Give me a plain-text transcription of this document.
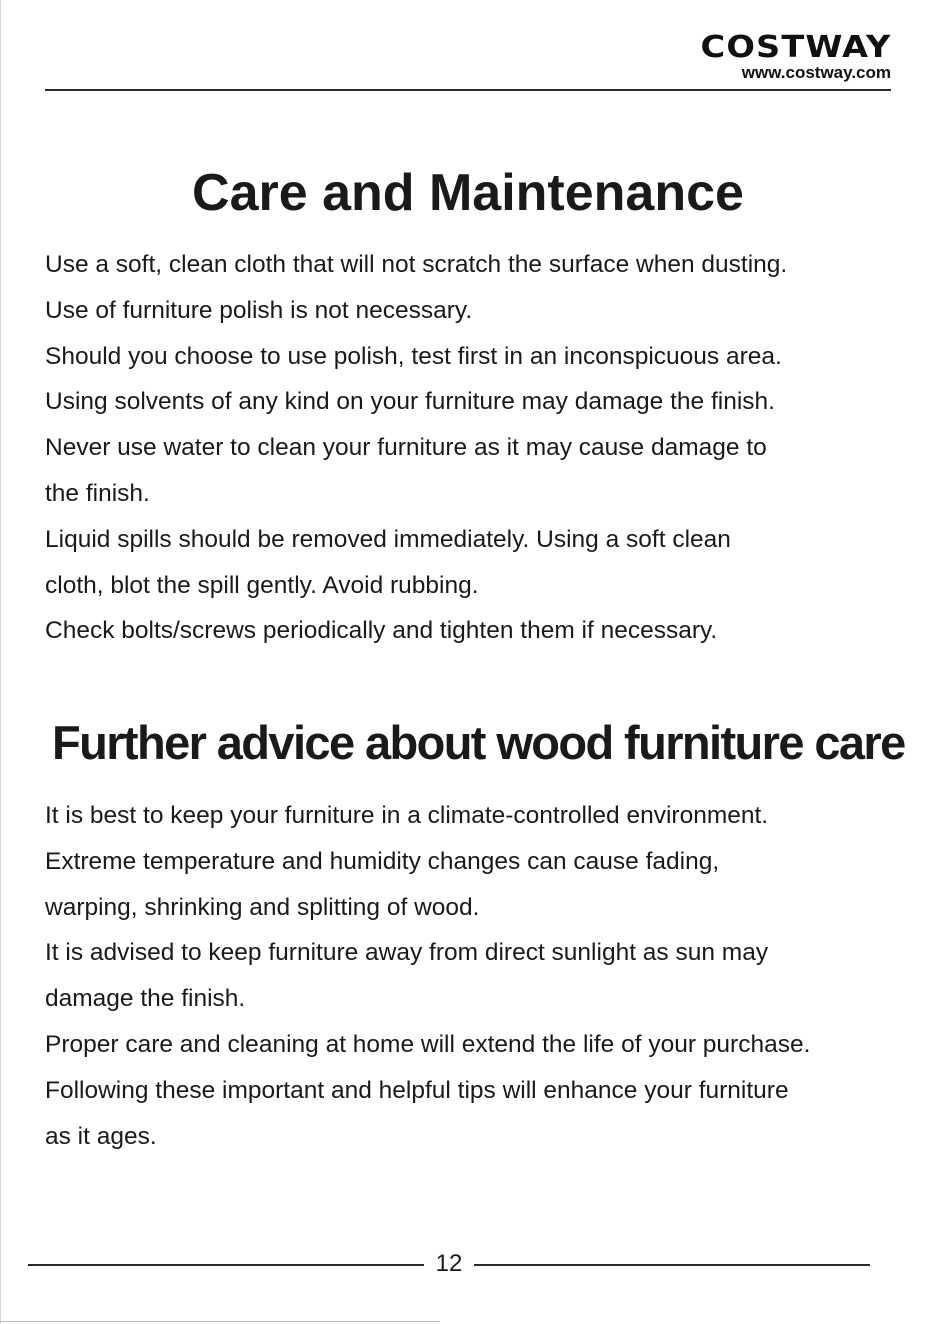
COSTWAY
www.costway.com
Care and Maintenance
Use a soft, clean cloth that will not scratch the surface when dusting.
Use of furniture polish is not necessary.
Should you choose to use polish, test first in an inconspicuous area.
Using solvents of any kind on your furniture may damage the finish.
Never use water to clean your furniture as it may cause damage to
the finish.
Liquid spills should be removed immediately. Using a soft clean
cloth, blot the spill gently. Avoid rubbing.
Check bolts/screws periodically and tighten them if necessary.
Further advice about wood furniture care
It is best to keep your furniture in a climate-controlled environment.
Extreme temperature and humidity changes can cause fading,
warping, shrinking and splitting of wood.
It is advised to keep furniture away from direct sunlight as sun may
damage the finish.
Proper care and cleaning at home will extend the life of your purchase.
Following these important and helpful tips will enhance your furniture
as it ages.
12
